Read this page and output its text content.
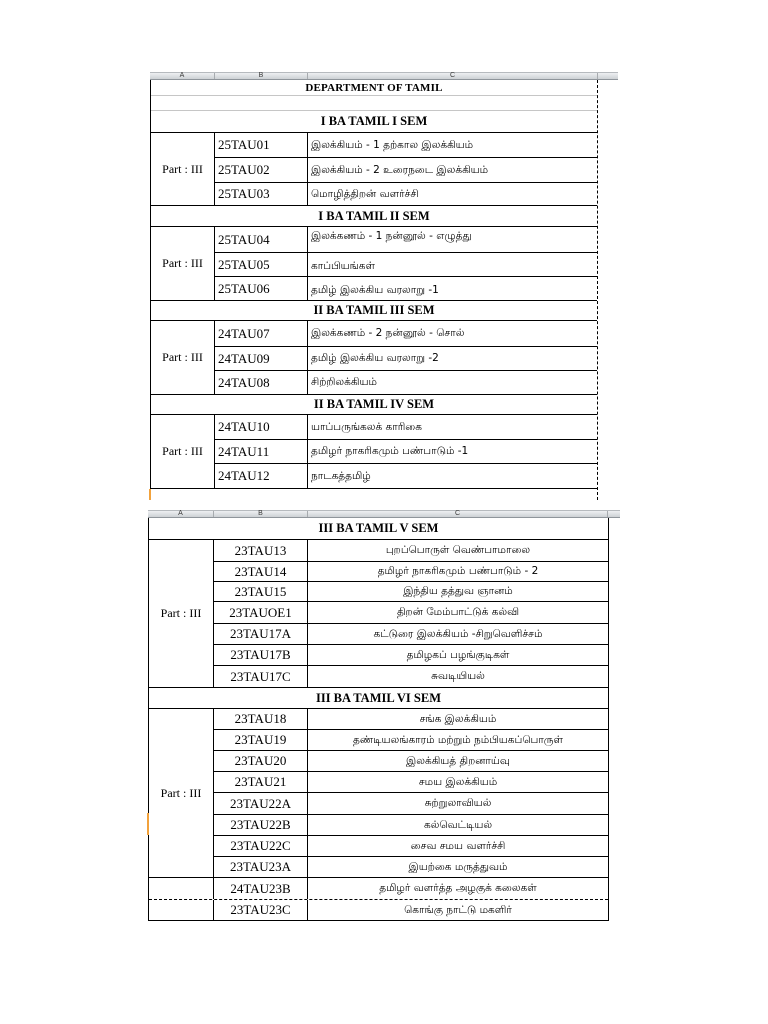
A	B	C
DEPARTMENT OF TAMIL
I BA TAMIL I SEM
Part : III
25TAU01	இலக்கியம் - 1 தற்கால இலக்கியம்
25TAU02	இலக்கியம் - 2 உரைநடை இலக்கியம்
25TAU03	மொழித்திறன் வளர்ச்சி
I BA TAMIL II SEM
Part : III
25TAU04	இலக்கணம் - 1 நன்னூல் - எழுத்து
25TAU05	காப்பியங்கள்
25TAU06	தமிழ் இலக்கிய வரலாறு -1
II BA TAMIL III SEM
Part : III
24TAU07	இலக்கணம் - 2 நன்னூல் - சொல்
24TAU09	தமிழ் இலக்கிய வரலாறு -2
24TAU08	சிற்றிலக்கியம்
II BA TAMIL IV SEM
Part : III
24TAU10	யாப்பருங்கலக் காரிகை
24TAU11	தமிழர் நாகரிகமும் பண்பாடும் -1
24TAU12	நாடகத்தமிழ்
A	B	C
III BA TAMIL V SEM
Part : III
23TAU13	புறப்பொருள் வெண்பாமாலை
23TAU14	தமிழர் நாகரிகமும் பண்பாடும் - 2
23TAU15	இந்திய தத்துவ ஞானம்
23TAUOE1	திறன் மேம்பாட்டுக் கல்வி
23TAU17A	கட்டுரை இலக்கியம் -சிறுவெளிச்சம்
23TAU17B	தமிழகப் பழங்குடிகள்
23TAU17C	சுவடியியல்
III BA TAMIL VI SEM
Part : III
23TAU18	சங்க இலக்கியம்
23TAU19	தண்டியலங்காரம் மற்றும் நம்பியகப்பொருள்
23TAU20	இலக்கியத் திறனாய்வு
23TAU21	சமய இலக்கியம்
23TAU22A	சுற்றுலாவியல்
23TAU22B	கல்வெட்டியல்
23TAU22C	சைவ சமய வளர்ச்சி
23TAU23A	இயற்கை மருத்துவம்
24TAU23B	தமிழர் வளர்த்த அழகுக் கலைகள்
23TAU23C	கொங்கு நாட்டு மகளிர்
